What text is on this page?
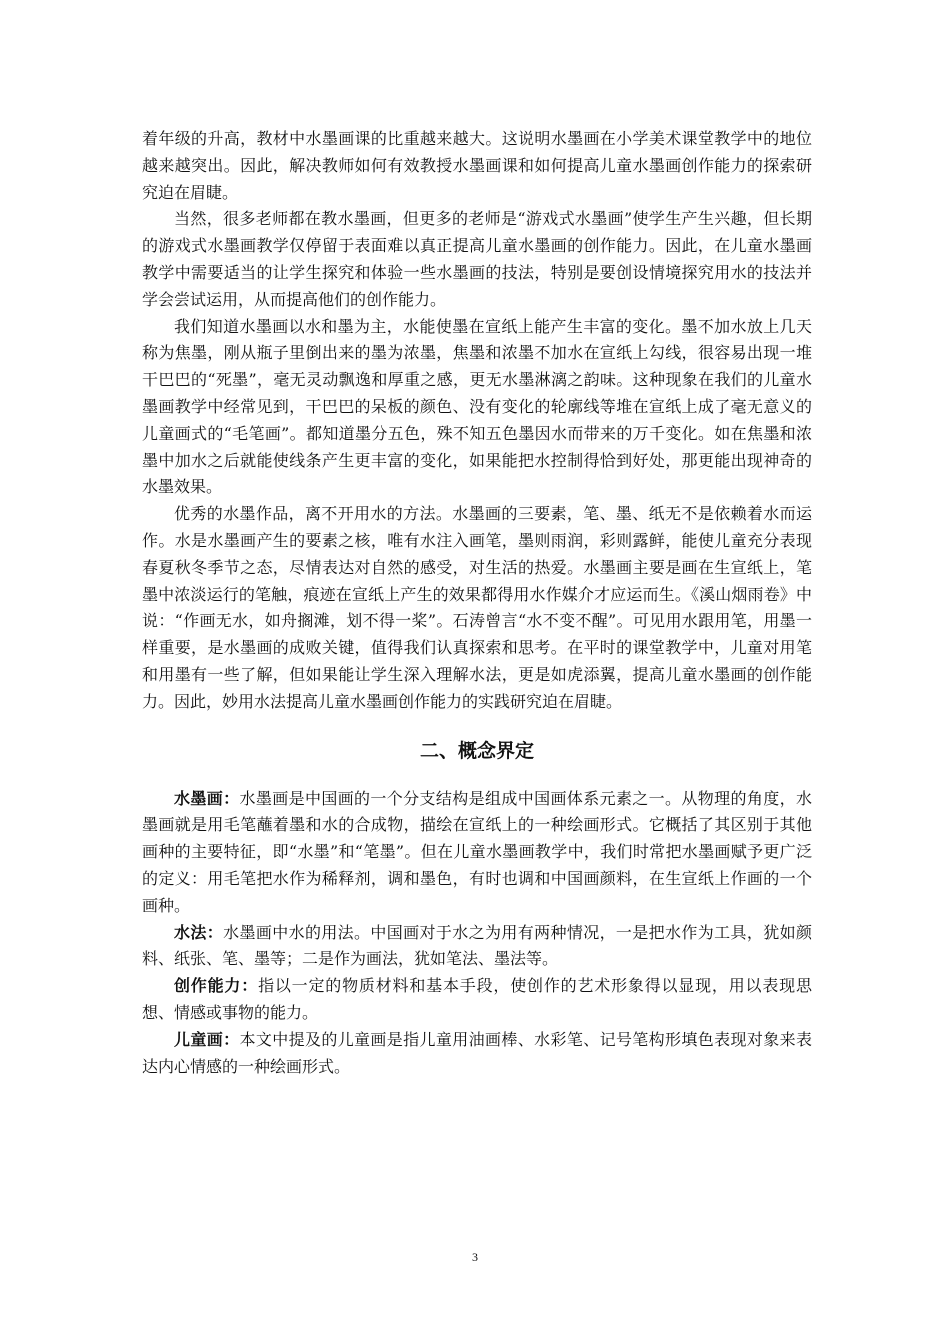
着年级的升高，教材中水墨画课的比重越来越大。这说明水墨画在小学美术课堂教学中的地位越来越突出。因此，解决教师如何有效教授水墨画课和如何提高儿童水墨画创作能力的探索研究迫在眉睫。

当然，很多老师都在教水墨画，但更多的老师是“游戏式水墨画”使学生产生兴趣，但长期的游戏式水墨画教学仅停留于表面难以真正提高儿童水墨画的创作能力。因此，在儿童水墨画教学中需要适当的让学生探究和体验一些水墨画的技法，特别是要创设情境探究用水的技法并学会尝试运用，从而提高他们的创作能力。

我们知道水墨画以水和墨为主，水能使墨在宣纸上能产生丰富的变化。墨不加水放上几天称为焦墨，刚从瓶子里倒出来的墨为浓墨，焦墨和浓墨不加水在宣纸上勾线，很容易出现一堆干巴巴的“死墨”，毫无灵动飘逸和厚重之感，更无水墨淋漓之韵味。这种现象在我们的儿童水墨画教学中经常见到，干巴巴的呆板的颜色、没有变化的轮廓线等堆在宣纸上成了毫无意义的儿童画式的“毛笔画”。都知道墨分五色，殊不知五色墨因水而带来的万千变化。如在焦墨和浓墨中加水之后就能使线条产生更丰富的变化，如果能把水控制得恰到好处，那更能出现神奇的水墨效果。

优秀的水墨作品，离不开用水的方法。水墨画的三要素，笔、墨、纸无不是依赖着水而运作。水是水墨画产生的要素之核，唯有水注入画笔，墨则雨润，彩则露鲜，能使儿童充分表现春夏秋冬季节之态，尽情表达对自然的感受，对生活的热爱。水墨画主要是画在生宣纸上，笔墨中浓淡运行的笔触，痕迹在宣纸上产生的效果都得用水作媒介才应运而生。《溪山烟雨卷》中说：“作画无水，如舟搁滩，划不得一桨”。石涛曾言“水不变不醒”。可见用水跟用笔，用墨一样重要，是水墨画的成败关键，值得我们认真探索和思考。在平时的课堂教学中，儿童对用笔和用墨有一些了解，但如果能让学生深入理解水法，更是如虎添翼，提高儿童水墨画的创作能力。因此，妙用水法提高儿童水墨画创作能力的实践研究迫在眉睫。

二、概念界定

水墨画：水墨画是中国画的一个分支结构是组成中国画体系元素之一。从物理的角度，水墨画就是用毛笔蘸着墨和水的合成物，描绘在宣纸上的一种绘画形式。它概括了其区别于其他画种的主要特征，即“水墨”和“笔墨”。但在儿童水墨画教学中，我们时常把水墨画赋予更广泛的定义：用毛笔把水作为稀释剂，调和墨色，有时也调和中国画颜料，在生宣纸上作画的一个画种。

水法：水墨画中水的用法。中国画对于水之为用有两种情况，一是把水作为工具，犹如颜料、纸张、笔、墨等；二是作为画法，犹如笔法、墨法等。

创作能力：指以一定的物质材料和基本手段，使创作的艺术形象得以显现，用以表现思想、情感或事物的能力。

儿童画：本文中提及的儿童画是指儿童用油画棒、水彩笔、记号笔构形填色表现对象来表达内心情感的一种绘画形式。

3
